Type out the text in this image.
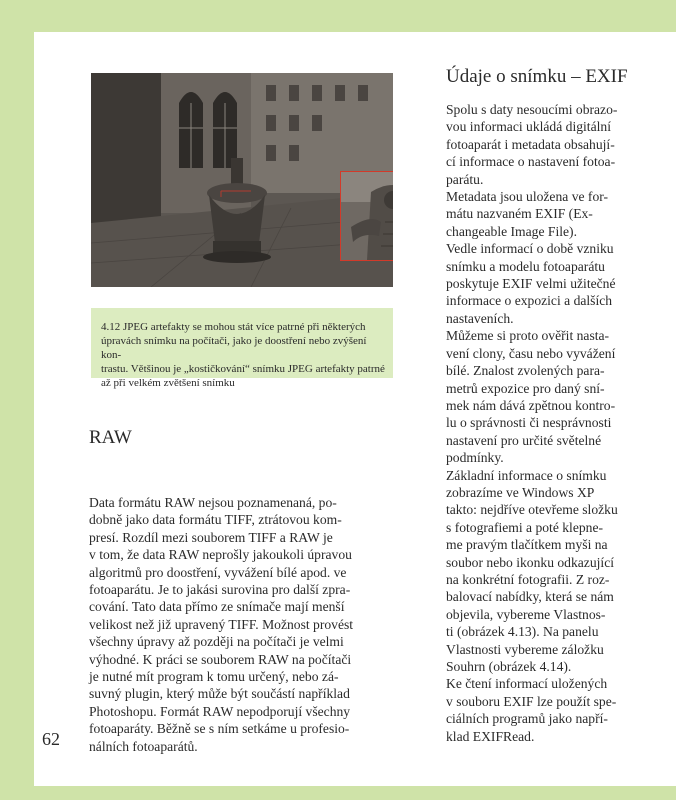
4.12 JPEG artefakty se mohou stát více patrné při některých
úpravách snímku na počítači, jako je doostření nebo zvýšení kon-
trastu. Většinou je „kostičkování“ snímku JPEG artefakty patrné
až při velkém zvětšení snímku
RAW

Data formátu RAW nejsou poznamenaná, po-
dobně jako data formátu TIFF, ztrátovou kom-
presí. Rozdíl mezi souborem TIFF a RAW je
v tom, že data RAW neprošly jakoukoli úpravou
algoritmů pro doostření, vyvážení bílé apod. ve
fotoaparátu. Je to jakási surovina pro další zpra-
cování. Tato data přímo ze snímače mají menší
velikost než již upravený TIFF. Možnost provést
všechny úpravy až později na počítači je velmi
výhodné. K práci se souborem RAW na počítači
je nutné mít program k tomu určený, nebo zá-
suvný plugin, který může být součástí například
Photoshopu. Formát RAW nepodporují všechny
fotoaparáty. Běžně se s ním setkáme u profesio-
nálních fotoaparátů.

Údaje o snímku – EXIF

Spolu s daty nesoucími obrazo-
vou informaci ukládá digitální
fotoaparát i metadata obsahují-
cí informace o nastavení fotoa-
parátu.
Metadata jsou uložena ve for-
mátu nazvaném EXIF (Ex-
changeable Image File).
Vedle informací o době vzniku
snímku a modelu fotoaparátu
poskytuje EXIF velmi užitečné
informace o expozici a dalších
nastaveních.
Můžeme si proto ověřit nasta-
vení clony, času nebo vyvážení
bílé. Znalost zvolených para-
metrů expozice pro daný sní-
mek nám dává zpětnou kontro-
lu o správnosti či nesprávnosti
nastavení pro určité světelné
podmínky.
Základní informace o snímku
zobrazíme ve Windows XP
takto: nejdříve otevřeme složku
s fotografiemi a poté klepne-
me pravým tlačítkem myši na
soubor nebo ikonku odkazující
na konkrétní fotografii. Z roz-
balovací nabídky, která se nám
objevila, vybereme Vlastnos-
ti (obrázek 4.13). Na panelu
Vlastnosti vybereme záložku
Souhrn (obrázek 4.14).
Ke čtení informací uložených
v souboru EXIF lze použít spe-
ciálních programů jako napří-
klad EXIFRead.

62
